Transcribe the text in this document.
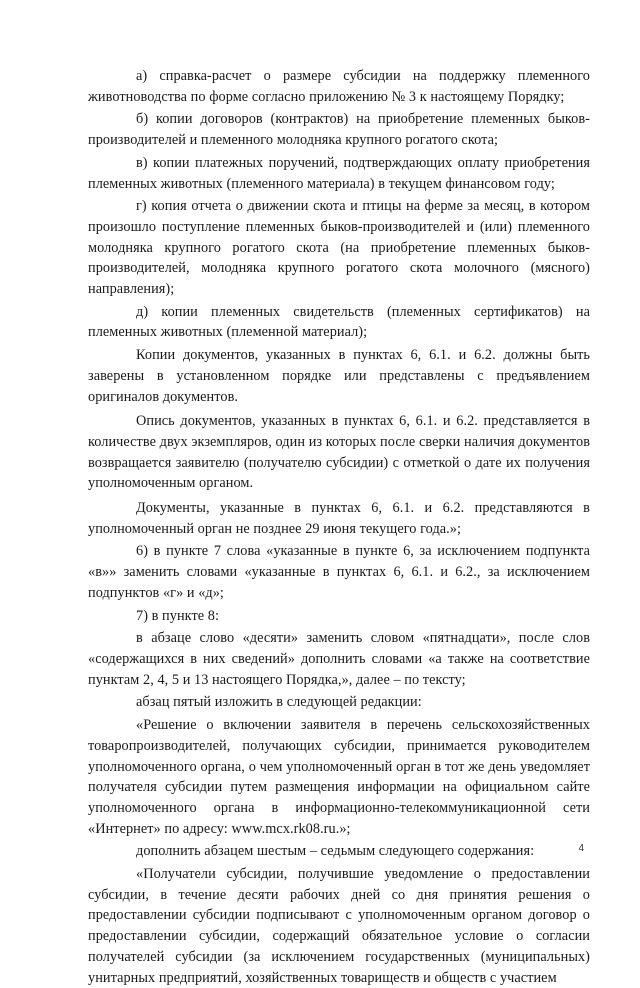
а) справка-расчет о размере субсидии на поддержку племенного животноводства по форме согласно приложению № 3 к настоящему Порядку;

б) копии договоров (контрактов) на приобретение племенных быков-производителей и племенного молодняка крупного рогатого скота;

в) копии платежных поручений, подтверждающих оплату приобретения племенных животных (племенного материала) в текущем финансовом году;

г) копия отчета о движении скота и птицы на ферме за месяц, в котором произошло поступление племенных быков-производителей и (или) племенного молодняка крупного рогатого скота (на приобретение племенных быков-производителей, молодняка крупного рогатого скота молочного (мясного) направления);

д) копии племенных свидетельств (племенных сертификатов) на племенных животных (племенной материал);

Копии документов, указанных в пунктах 6, 6.1. и 6.2. должны быть заверены в установленном порядке или представлены с предъявлением оригиналов документов.

Опись документов, указанных в пунктах 6, 6.1. и 6.2. представляется в количестве двух экземпляров, один из которых после сверки наличия документов возвращается заявителю (получателю субсидии) с отметкой о дате их получения уполномоченным органом.

Документы, указанные в пунктах 6, 6.1. и 6.2. представляются в уполномоченный орган не позднее 29 июня текущего года.»;

6) в пункте 7 слова «указанные в пункте 6, за исключением подпункта «в»» заменить словами «указанные в пунктах 6, 6.1. и 6.2., за исключением подпунктов «г» и «д»;

7) в пункте 8:

в абзаце слово «десяти» заменить словом «пятнадцати», после слов «содержащихся в них сведений» дополнить словами «а также на соответствие пунктам 2, 4, 5 и 13 настоящего Порядка,», далее – по тексту;

абзац пятый изложить в следующей редакции:

«Решение о включении заявителя в перечень сельскохозяйственных товаропроизводителей, получающих субсидии, принимается руководителем уполномоченного органа, о чем уполномоченный орган в тот же день уведомляет получателя субсидии путем размещения информации на официальном сайте уполномоченного органа в информационно-телекоммуникационной сети «Интернет» по адресу: www.mcx.rk08.ru.»;

дополнить абзацем шестым – седьмым следующего содержания:

«Получатели субсидии, получившие уведомление о предоставлении субсидии, в течение десяти рабочих дней со дня принятия решения о предоставлении субсидии подписывают с уполномоченным органом договор о предоставлении субсидии, содержащий обязательное условие о согласии получателей субсидии (за исключением государственных (муниципальных) унитарных предприятий, хозяйственных товариществ и обществ с участием

4
